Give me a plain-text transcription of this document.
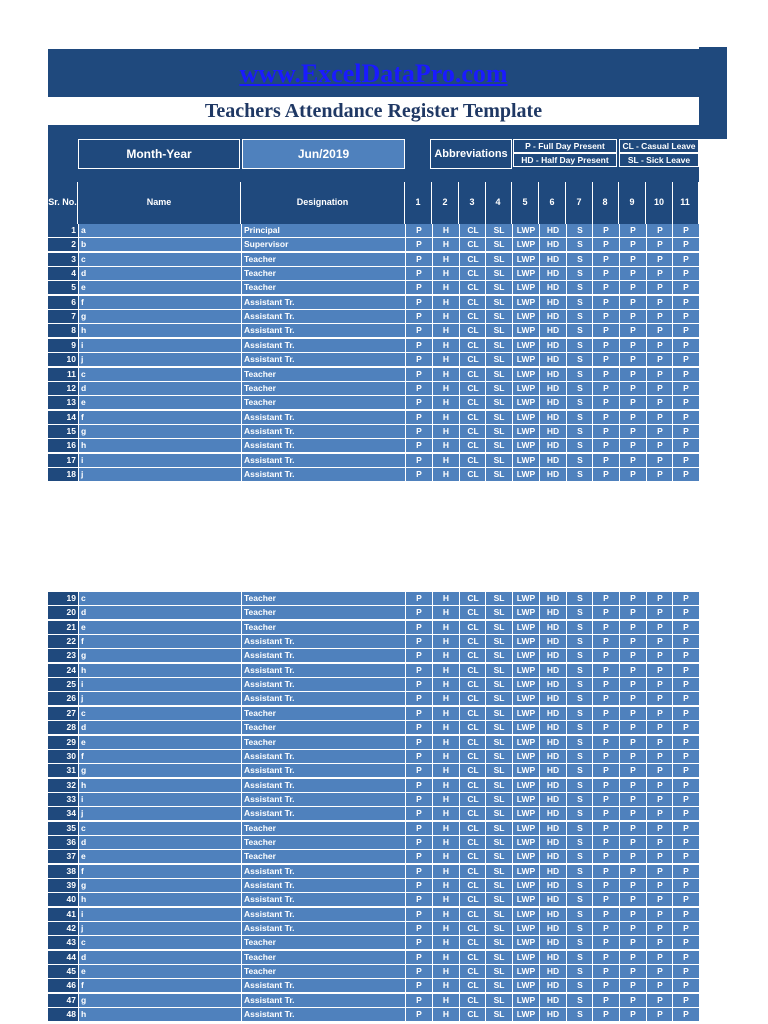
www.ExcelDataPro.com
Teachers Attendance Register Template
Month-Year	Jun/2019	Abbreviations
P - Full Day Present
HD - Half Day Present
CL - Casual Leave
SL - Sick Leave
Sr. No.	Name	Designation	1	2	3	4	5	6	7	8	9	10	11
1 a	Principal	P	H	CL	SL	LWP	HD	S	P	P	P	P
2 b	Supervisor	P	H	CL	SL	LWP	HD	S	P	P	P	P
3 c	Teacher	P	H	CL	SL	LWP	HD	S	P	P	P	P
4 d	Teacher	P	H	CL	SL	LWP	HD	S	P	P	P	P
5 e	Teacher	P	H	CL	SL	LWP	HD	S	P	P	P	P
6 f	Assistant Tr.	P	H	CL	SL	LWP	HD	S	P	P	P	P
7 g	Assistant Tr.	P	H	CL	SL	LWP	HD	S	P	P	P	P
8 h	Assistant Tr.	P	H	CL	SL	LWP	HD	S	P	P	P	P
9 i	Assistant Tr.	P	H	CL	SL	LWP	HD	S	P	P	P	P
10 j	Assistant Tr.	P	H	CL	SL	LWP	HD	S	P	P	P	P
11 c	Teacher	P	H	CL	SL	LWP	HD	S	P	P	P	P
12 d	Teacher	P	H	CL	SL	LWP	HD	S	P	P	P	P
13 e	Teacher	P	H	CL	SL	LWP	HD	S	P	P	P	P
14 f	Assistant Tr.	P	H	CL	SL	LWP	HD	S	P	P	P	P
15 g	Assistant Tr.	P	H	CL	SL	LWP	HD	S	P	P	P	P
16 h	Assistant Tr.	P	H	CL	SL	LWP	HD	S	P	P	P	P
17 i	Assistant Tr.	P	H	CL	SL	LWP	HD	S	P	P	P	P
18 j	Assistant Tr.	P	H	CL	SL	LWP	HD	S	P	P	P	P
19 c	Teacher	P	H	CL	SL	LWP	HD	S	P	P	P	P
20 d	Teacher	P	H	CL	SL	LWP	HD	S	P	P	P	P
21 e	Teacher	P	H	CL	SL	LWP	HD	S	P	P	P	P
22 f	Assistant Tr.	P	H	CL	SL	LWP	HD	S	P	P	P	P
23 g	Assistant Tr.	P	H	CL	SL	LWP	HD	S	P	P	P	P
24 h	Assistant Tr.	P	H	CL	SL	LWP	HD	S	P	P	P	P
25 i	Assistant Tr.	P	H	CL	SL	LWP	HD	S	P	P	P	P
26 j	Assistant Tr.	P	H	CL	SL	LWP	HD	S	P	P	P	P
27 c	Teacher	P	H	CL	SL	LWP	HD	S	P	P	P	P
28 d	Teacher	P	H	CL	SL	LWP	HD	S	P	P	P	P
29 e	Teacher	P	H	CL	SL	LWP	HD	S	P	P	P	P
30 f	Assistant Tr.	P	H	CL	SL	LWP	HD	S	P	P	P	P
31 g	Assistant Tr.	P	H	CL	SL	LWP	HD	S	P	P	P	P
32 h	Assistant Tr.	P	H	CL	SL	LWP	HD	S	P	P	P	P
33 i	Assistant Tr.	P	H	CL	SL	LWP	HD	S	P	P	P	P
34 j	Assistant Tr.	P	H	CL	SL	LWP	HD	S	P	P	P	P
35 c	Teacher	P	H	CL	SL	LWP	HD	S	P	P	P	P
36 d	Teacher	P	H	CL	SL	LWP	HD	S	P	P	P	P
37 e	Teacher	P	H	CL	SL	LWP	HD	S	P	P	P	P
38 f	Assistant Tr.	P	H	CL	SL	LWP	HD	S	P	P	P	P
39 g	Assistant Tr.	P	H	CL	SL	LWP	HD	S	P	P	P	P
40 h	Assistant Tr.	P	H	CL	SL	LWP	HD	S	P	P	P	P
41 i	Assistant Tr.	P	H	CL	SL	LWP	HD	S	P	P	P	P
42 j	Assistant Tr.	P	H	CL	SL	LWP	HD	S	P	P	P	P
43 c	Teacher	P	H	CL	SL	LWP	HD	S	P	P	P	P
44 d	Teacher	P	H	CL	SL	LWP	HD	S	P	P	P	P
45 e	Teacher	P	H	CL	SL	LWP	HD	S	P	P	P	P
46 f	Assistant Tr.	P	H	CL	SL	LWP	HD	S	P	P	P	P
47 g	Assistant Tr.	P	H	CL	SL	LWP	HD	S	P	P	P	P
48 h	Assistant Tr.	P	H	CL	SL	LWP	HD	S	P	P	P	P
